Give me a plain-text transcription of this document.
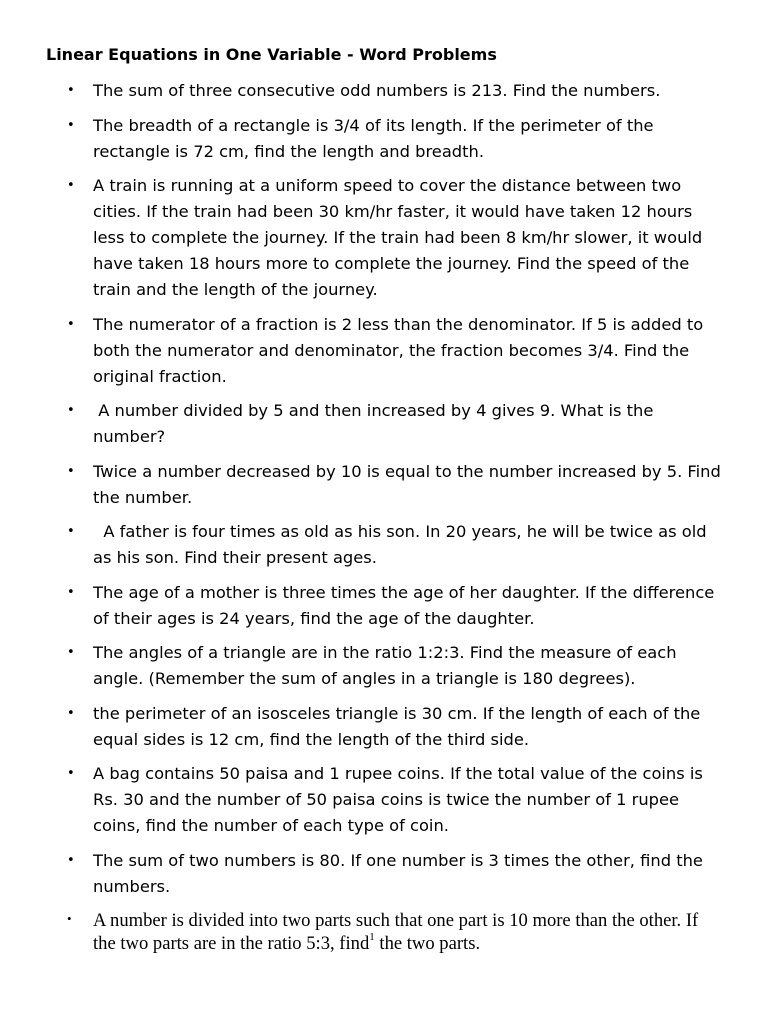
Linear Equations in One Variable - Word Problems
• The sum of three consecutive odd numbers is 213. Find the numbers.
• The breadth of a rectangle is 3/4 of its length. If the perimeter of the rectangle is 72 cm, find the length and breadth.
• A train is running at a uniform speed to cover the distance between two cities. If the train had been 30 km/hr faster, it would have taken 12 hours less to complete the journey. If the train had been 8 km/hr slower, it would have taken 18 hours more to complete the journey. Find the speed of the train and the length of the journey.
• The numerator of a fraction is 2 less than the denominator. If 5 is added to both the numerator and denominator, the fraction becomes 3/4. Find the original fraction.
• A number divided by 5 and then increased by 4 gives 9. What is the number?
• Twice a number decreased by 10 is equal to the number increased by 5. Find the number.
• A father is four times as old as his son. In 20 years, he will be twice as old as his son. Find their present ages.
• The age of a mother is three times the age of her daughter. If the difference of their ages is 24 years, find the age of the daughter.
• The angles of a triangle are in the ratio 1:2:3. Find the measure of each angle. (Remember the sum of angles in a triangle is 180 degrees).
• the perimeter of an isosceles triangle is 30 cm. If the length of each of the equal sides is 12 cm, find the length of the third side.
• A bag contains 50 paisa and 1 rupee coins. If the total value of the coins is Rs. 30 and the number of 50 paisa coins is twice the number of 1 rupee coins, find the number of each type of coin.
• The sum of two numbers is 80. If one number is 3 times the other, find the numbers.
• A number is divided into two parts such that one part is 10 more than the other. If the two parts are in the ratio 5:3, find$^1$ the two parts.
